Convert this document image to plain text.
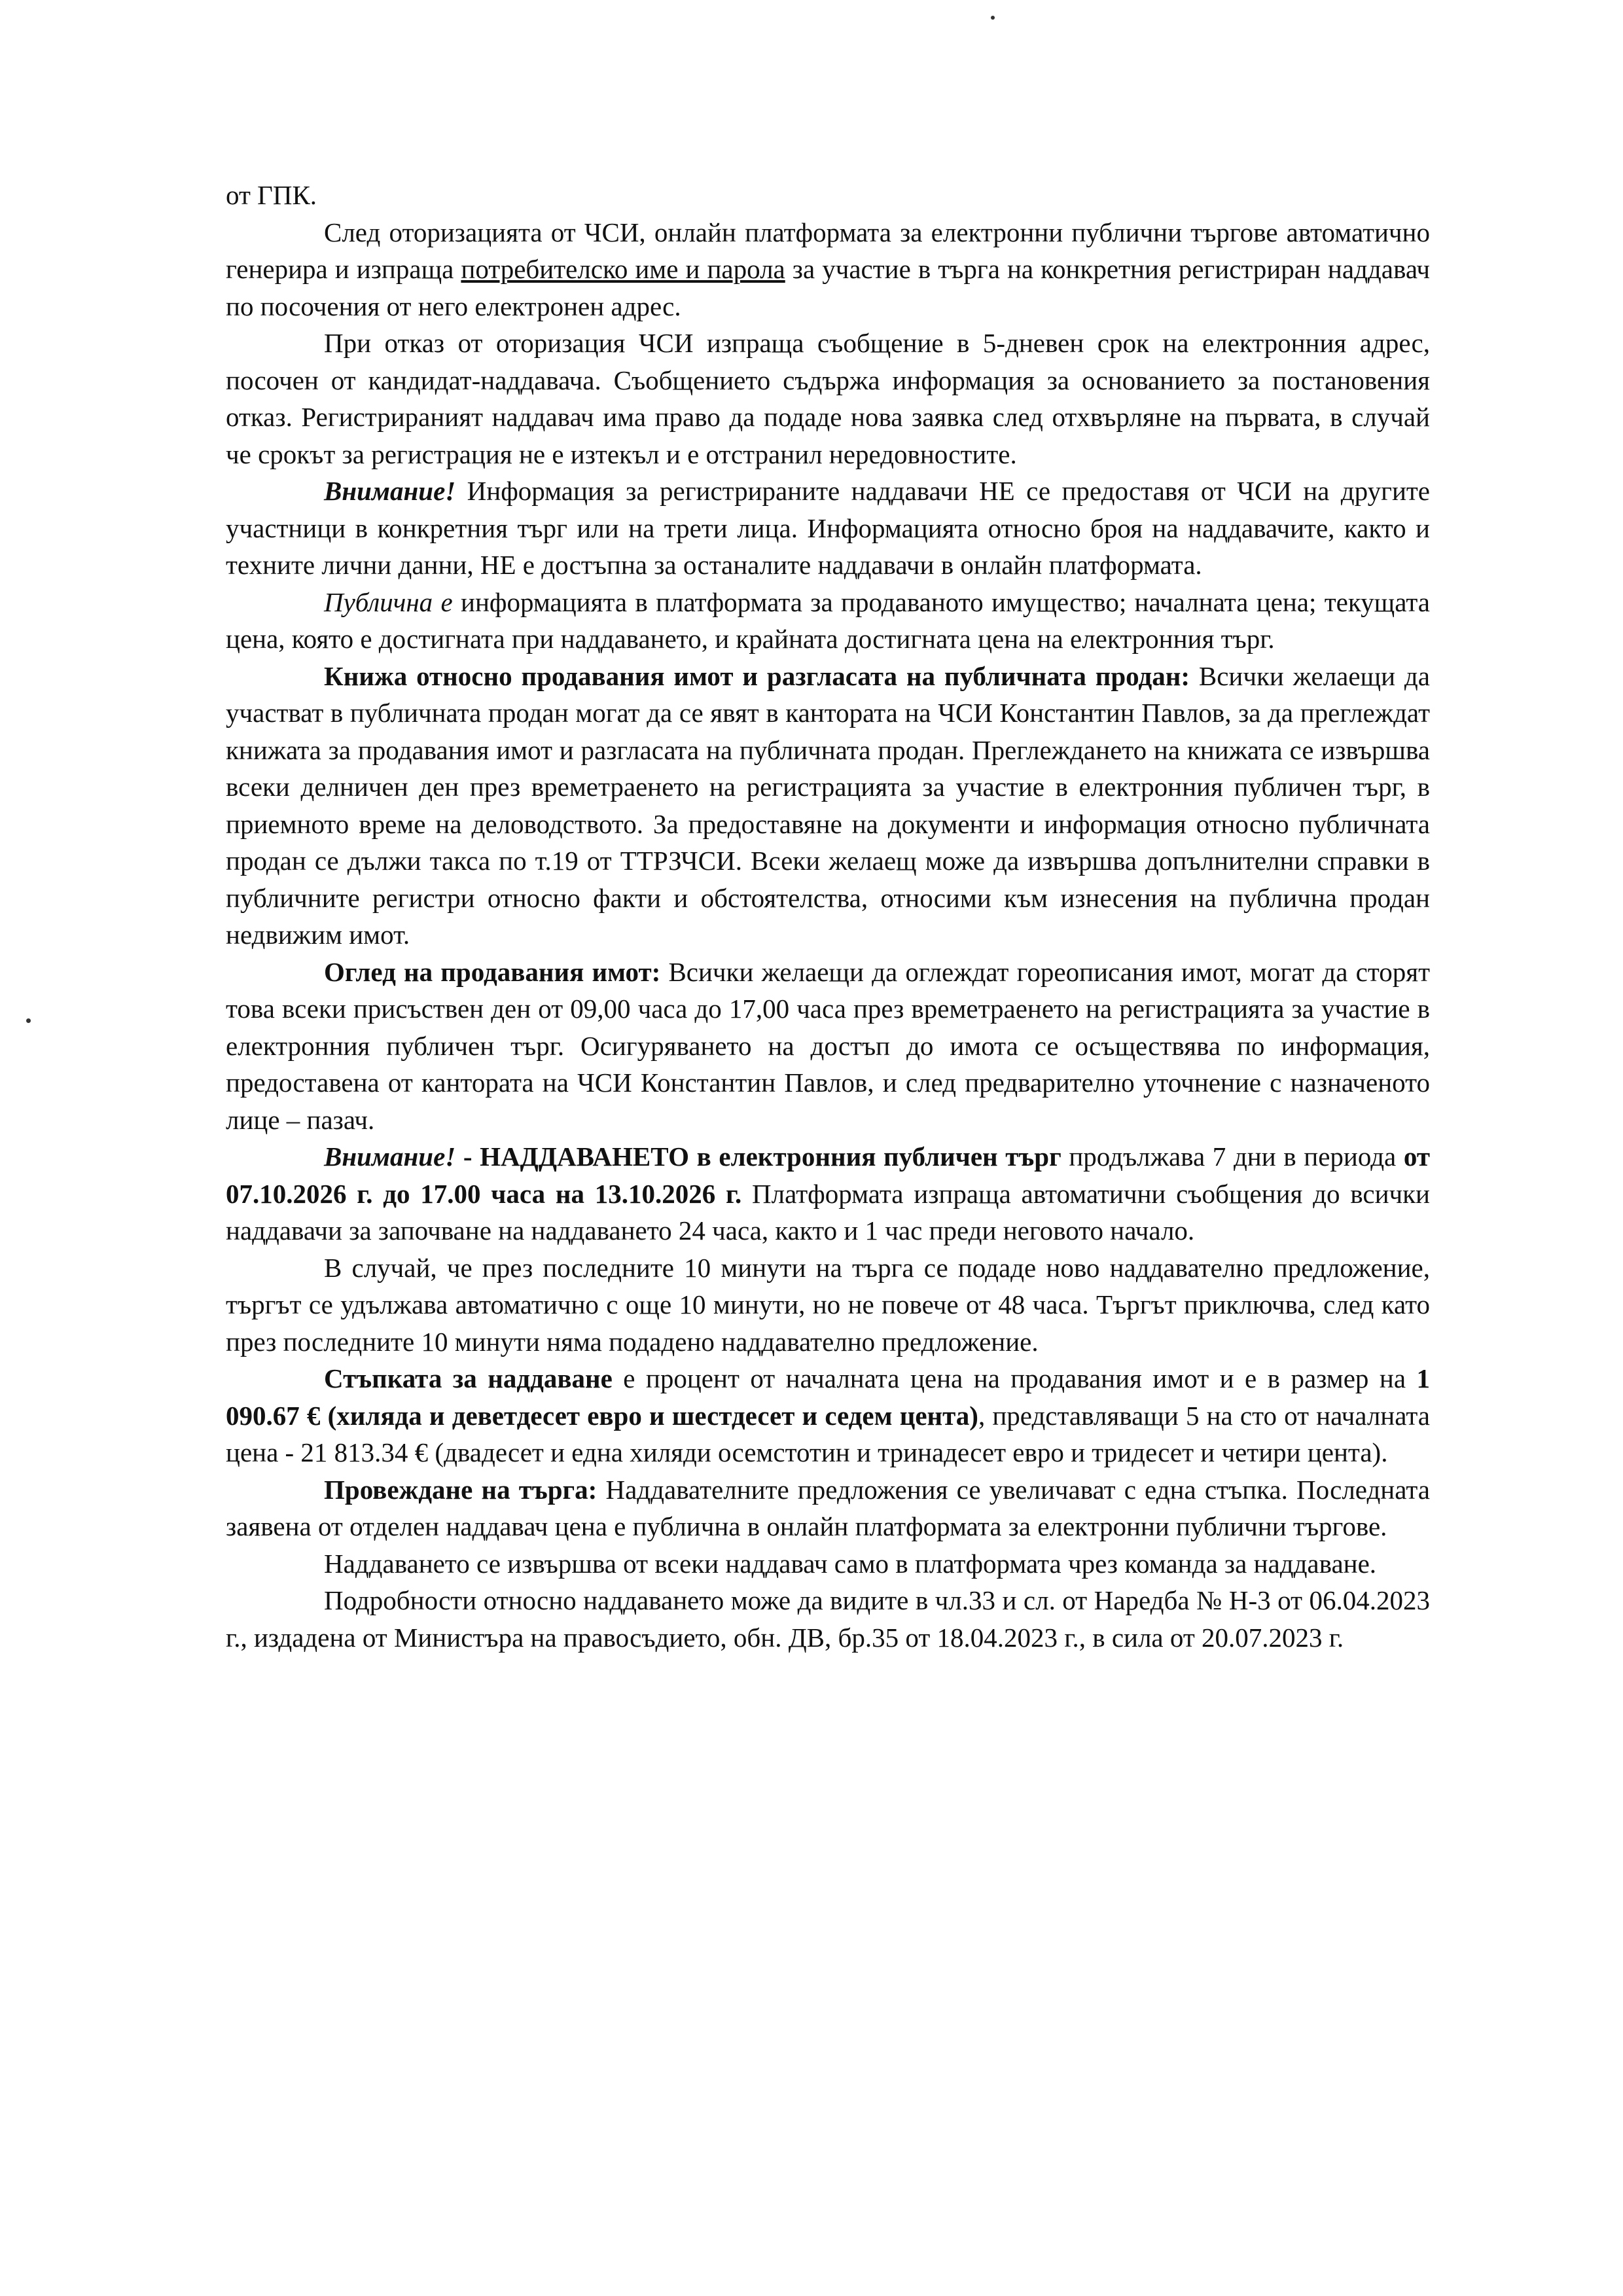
от ГПК.

След оторизацията от ЧСИ, онлайн платформата за електронни публични търгове автоматично генерира и изпраща потребителско име и парола за участие в търга на конкретния регистриран наддавач по посочения от него електронен адрес.

При отказ от оторизация ЧСИ изпраща съобщение в 5-дневен срок на електронния адрес, посочен от кандидат-наддавача. Съобщението съдържа информация за основанието за постановения отказ. Регистрираният наддавач има право да подаде нова заявка след отхвърляне на първата, в случай че срокът за регистрация не е изтекъл и е отстранил нередовностите.

Внимание! Информация за регистрираните наддавачи НЕ се предоставя от ЧСИ на другите участници в конкретния търг или на трети лица. Информацията относно броя на наддавачите, както и техните лични данни, НЕ е достъпна за останалите наддавачи в онлайн платформата.

Публична е информацията в платформата за продаваното имущество; началната цена; текущата цена, която е достигната при наддаването, и крайната достигната цена на електронния търг.

Книжа относно продавания имот и разгласата на публичната продан: Всички желаещи да участват в публичната продан могат да се явят в кантората на ЧСИ Константин Павлов, за да преглеждат книжата за продавания имот и разгласата на публичната продан. Преглеждането на книжата се извършва всеки делничен ден през времетраенето на регистрацията за участие в електронния публичен търг, в приемното време на деловодството. За предоставяне на документи и информация относно публичната продан се дължи такса по т.19 от ТТРЗЧСИ. Всеки желаещ може да извършва допълнителни справки в публичните регистри относно факти и обстоятелства, относими към изнесения на публична продан недвижим имот.

Оглед на продавания имот: Всички желаещи да оглеждат гореописания имот, могат да сторят това всеки присъствен ден от 09,00 часа до 17,00 часа през времетраенето на регистрацията за участие в електронния публичен търг. Осигуряването на достъп до имота се осъществява по информация, предоставена от кантората на ЧСИ Константин Павлов, и след предварително уточнение с назначеното лице – пазач.

Внимание! - НАДДАВАНЕТО в електронния публичен търг продължава 7 дни в периода от 07.10.2026 г. до 17.00 часа на 13.10.2026 г. Платформата изпраща автоматични съобщения до всички наддавачи за започване на наддаването 24 часа, както и 1 час преди неговото начало.

В случай, че през последните 10 минути на търга се подаде ново наддавателно предложение, търгът се удължава автоматично с още 10 минути, но не повече от 48 часа. Търгът приключва, след като през последните 10 минути няма подадено наддавателно предложение.

Стъпката за наддаване е процент от началната цена на продавания имот и е в размер на 1 090.67 € (хиляда и деветдесет евро и шестдесет и седем цента), представляващи 5 на сто от началната цена - 21 813.34 € (двадесет и една хиляди осемстотин и тринадесет евро и тридесет и четири цента).

Провеждане на търга: Наддавателните предложения се увеличават с една стъпка. Последната заявена от отделен наддавач цена е публична в онлайн платформата за електронни публични търгове.

Наддаването се извършва от всеки наддавач само в платформата чрез команда за наддаване.

Подробности относно наддаването може да видите в чл.33 и сл. от Наредба № Н-3 от 06.04.2023 г., издадена от Министъра на правосъдието, обн. ДВ, бр.35 от 18.04.2023 г., в сила от 20.07.2023 г.
